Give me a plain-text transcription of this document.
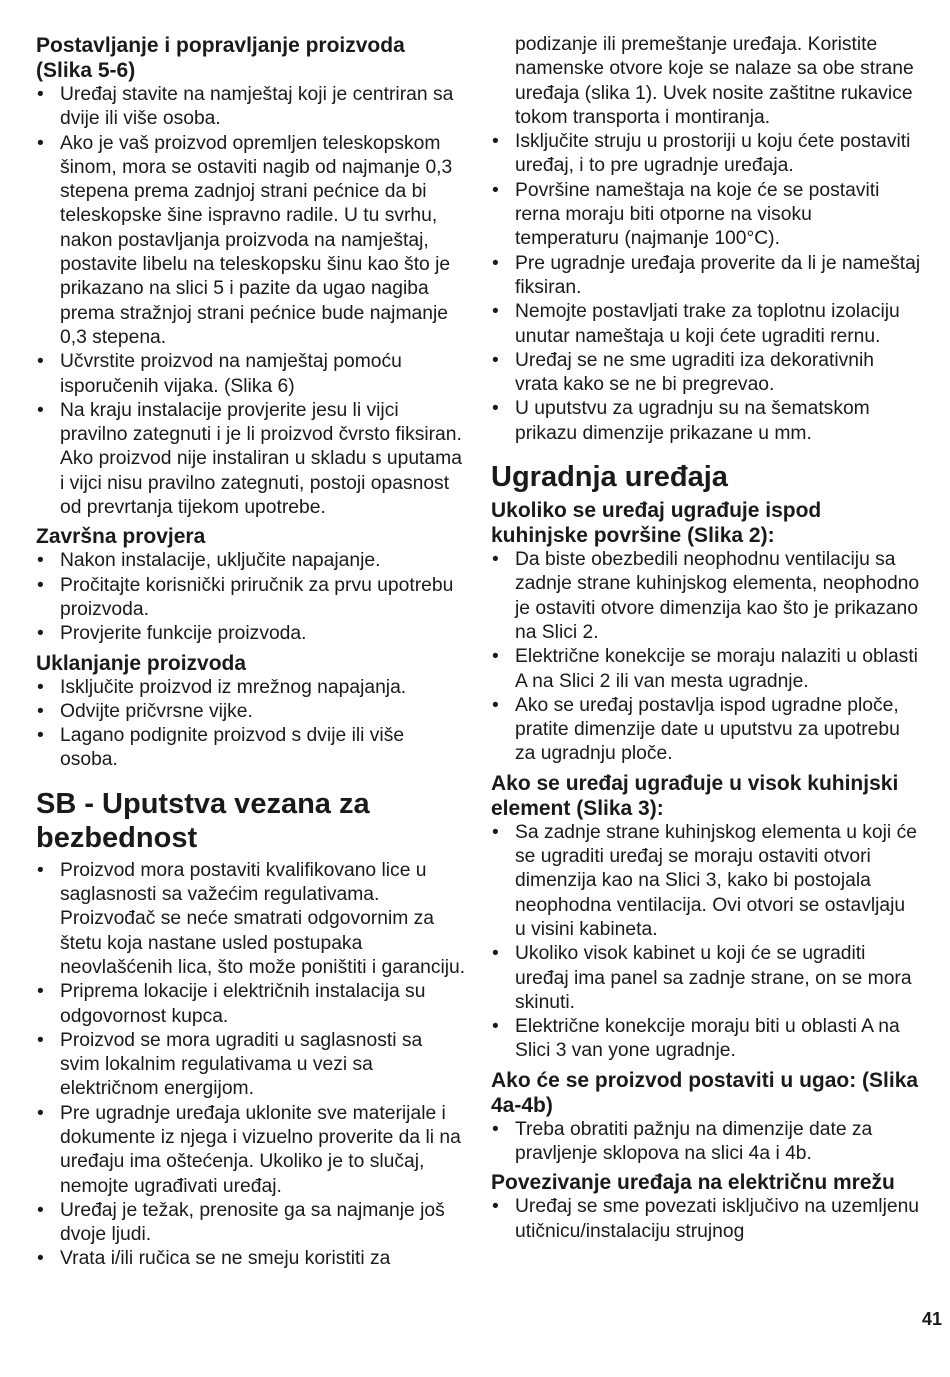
Postavljanje i popravljanje proizvoda (Slika 5-6)
• Uređaj stavite na namještaj koji je centriran sa dvije ili više osoba.
• Ako je vaš proizvod opremljen teleskopskom šinom, mora se ostaviti nagib od najmanje 0,3 stepena prema zadnjoj strani pećnice da bi teleskopske šine ispravno radile. U tu svrhu, nakon postavljanja proizvoda na namještaj, postavite libelu na teleskopsku šinu kao što je prikazano na slici 5 i pazite da ugao nagiba prema stražnjoj strani pećnice bude najmanje 0,3 stepena.
• Učvrstite proizvod na namještaj pomoću isporučenih vijaka. (Slika 6)
• Na kraju instalacije provjerite jesu li vijci pravilno zategnuti i je li proizvod čvrsto fiksiran. Ako proizvod nije instaliran u skladu s uputama i vijci nisu pravilno zategnuti, postoji opasnost od prevrtanja tijekom upotrebe.
Završna provjera
• Nakon instalacije, uključite napajanje.
• Pročitajte korisnički priručnik za prvu upotrebu proizvoda.
• Provjerite funkcije proizvoda.
Uklanjanje proizvoda
• Isključite proizvod iz mrežnog napajanja.
• Odvijte pričvrsne vijke.
• Lagano podignite proizvod s dvije ili više osoba.
SB - Uputstva vezana za bezbednost
• Proizvod mora postaviti kvalifikovano lice u saglasnosti sa važećim regulativama. Proizvođač se neće smatrati odgovornim za štetu koja nastane usled postupaka neovlašćenih lica, što može poništiti i garanciju.
• Priprema lokacije i električnih instalacija su odgovornost kupca.
• Proizvod se mora ugraditi u saglasnosti sa svim lokalnim regulativama u vezi sa električnom energijom.
• Pre ugradnje uređaja uklonite sve materijale i dokumente iz njega i vizuelno proverite da li na uređaju ima oštećenja. Ukoliko je to slučaj, nemojte ugrađivati uređaj.
• Uređaj je težak, prenosite ga sa najmanje još dvoje ljudi.
• Vrata i/ili ručica se ne smeju koristiti za
podizanje ili premeštanje uređaja. Koristite namenske otvore koje se nalaze sa obe strane uređaja (slika 1). Uvek nosite zaštitne rukavice tokom transporta i montiranja.
• Isključite struju u prostoriji u koju ćete postaviti uređaj, i to pre ugradnje uređaja.
• Površine nameštaja na koje će se postaviti rerna moraju biti otporne na visoku temperaturu (najmanje 100°C).
• Pre ugradnje uređaja proverite da li je nameštaj fiksiran.
• Nemojte postavljati trake za toplotnu izolaciju unutar nameštaja u koji ćete ugraditi rernu.
• Uređaj se ne sme ugraditi iza dekorativnih vrata kako se ne bi pregrevao.
• U uputstvu za ugradnju su na šematskom prikazu dimenzije prikazane u mm.
Ugradnja uređaja
Ukoliko se uređaj ugrađuje ispod kuhinjske površine (Slika 2):
• Da biste obezbedili neophodnu ventilaciju sa zadnje strane kuhinjskog elementa, neophodno je ostaviti otvore dimenzija kao što je prikazano na Slici 2.
• Električne konekcije se moraju nalaziti u oblasti A na Slici 2 ili van mesta ugradnje.
• Ako se uređaj postavlja ispod ugradne ploče, pratite dimenzije date u uputstvu za upotrebu za ugradnju ploče.
Ako se uređaj ugrađuje u visok kuhinjski element (Slika 3):
• Sa zadnje strane kuhinjskog elementa u koji će se ugraditi uređaj se moraju ostaviti otvori dimenzija kao na Slici 3, kako bi postojala neophodna ventilacija. Ovi otvori se ostavljaju u visini kabineta.
• Ukoliko visok kabinet u koji će se ugraditi uređaj ima panel sa zadnje strane, on se mora skinuti.
• Električne konekcije moraju biti u oblasti A na Slici 3 van yone ugradnje.
Ako će se proizvod postaviti u ugao: (Slika 4a-4b)
• Treba obratiti pažnju na dimenzije date za pravljenje sklopova na slici 4a i 4b.
Povezivanje uređaja na električnu mrežu
• Uređaj se sme povezati isključivo na uzemljenu utičnicu/instalaciju strujnog
41
